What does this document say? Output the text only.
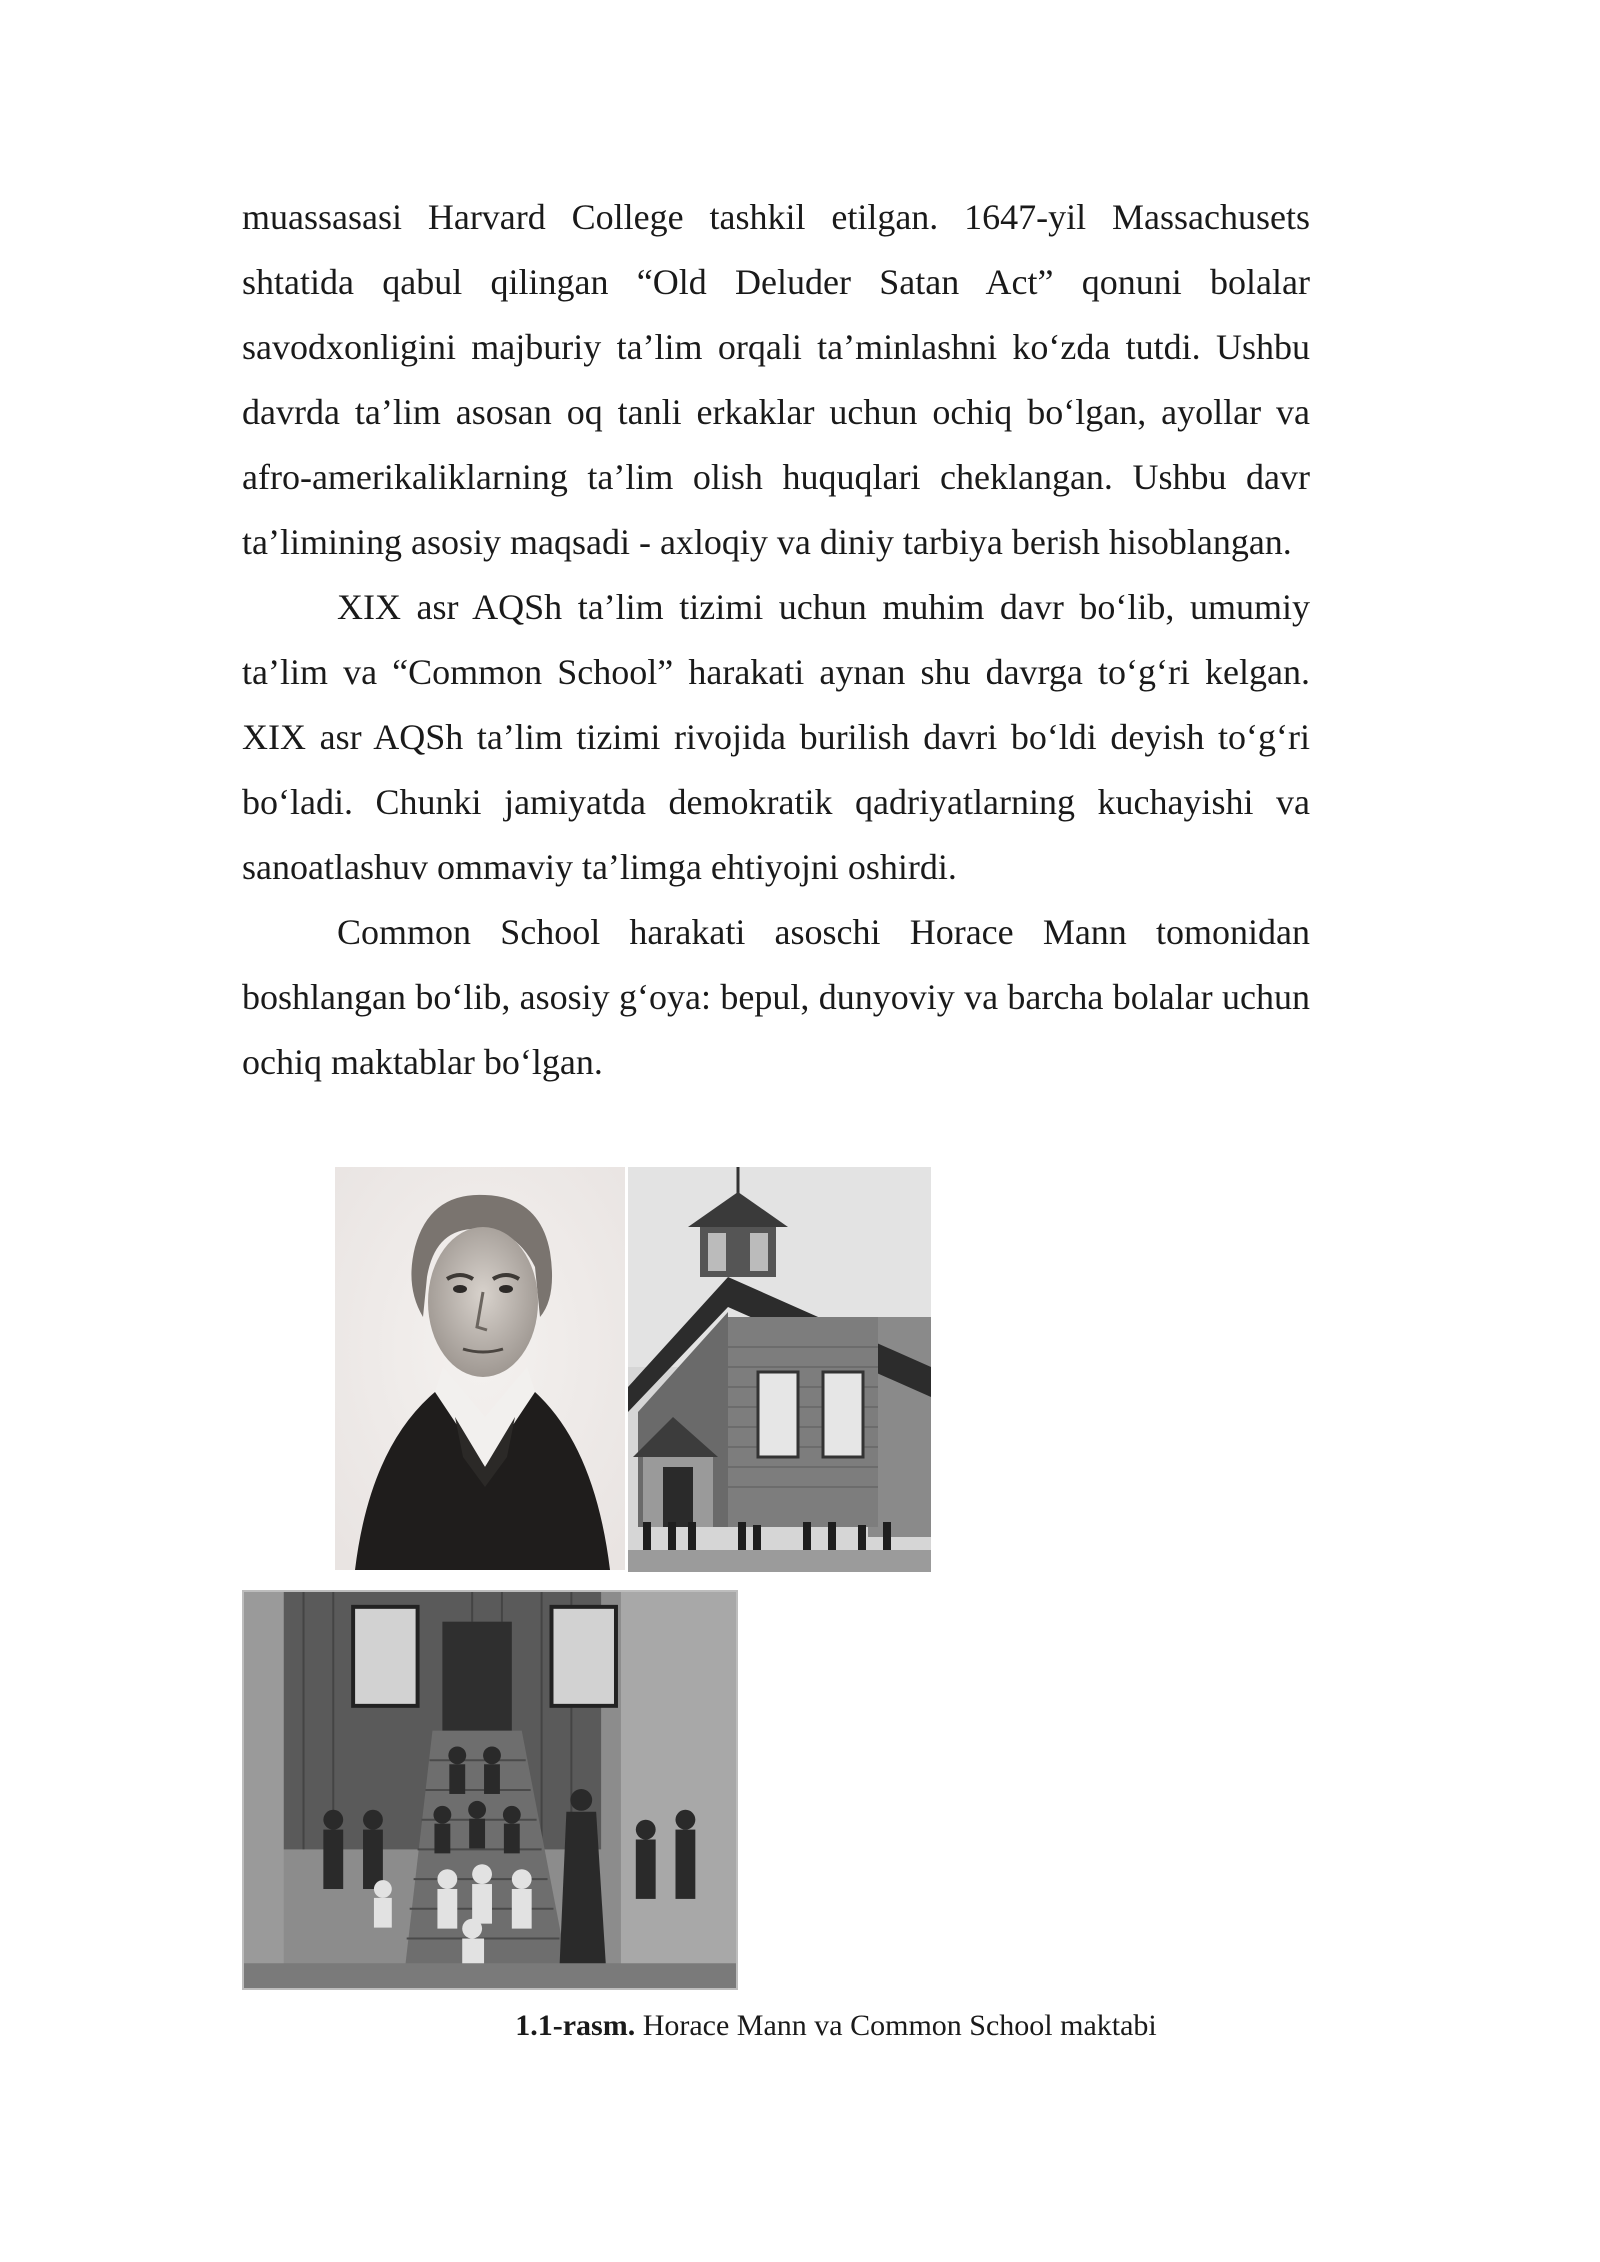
muassasasi Harvard College tashkil etilgan. 1647-yil Massachusets shtatida qabul qilingan “Old Deluder Satan Act” qonuni bolalar savodxonligini majburiy ta’lim orqali ta’minlashni ko‘zda tutdi. Ushbu davrda ta’lim asosan oq tanli erkaklar uchun ochiq bo‘lgan, ayollar va afro-amerikaliklarning ta’lim olish huquqlari cheklangan. Ushbu davr ta’limining asosiy maqsadi - axloqiy va diniy tarbiya berish hisoblangan.

XIX asr AQSh ta’lim tizimi uchun muhim davr bo‘lib, umumiy ta’lim va “Common School” harakati aynan shu davrga to‘g‘ri kelgan. XIX asr AQSh ta’lim tizimi rivojida burilish davri bo‘ldi deyish to‘g‘ri bo‘ladi. Chunki jamiyatda demokratik qadriyatlarning kuchayishi va sanoatlashuv ommaviy ta’limga ehtiyojni oshirdi.

Common School harakati asoschi Horace Mann tomonidan boshlangan bo‘lib, asosiy g‘oya: bepul, dunyoviy va barcha bolalar uchun ochiq maktablar bo‘lgan.

1.1-rasm. Horace Mann va Common School maktabi
